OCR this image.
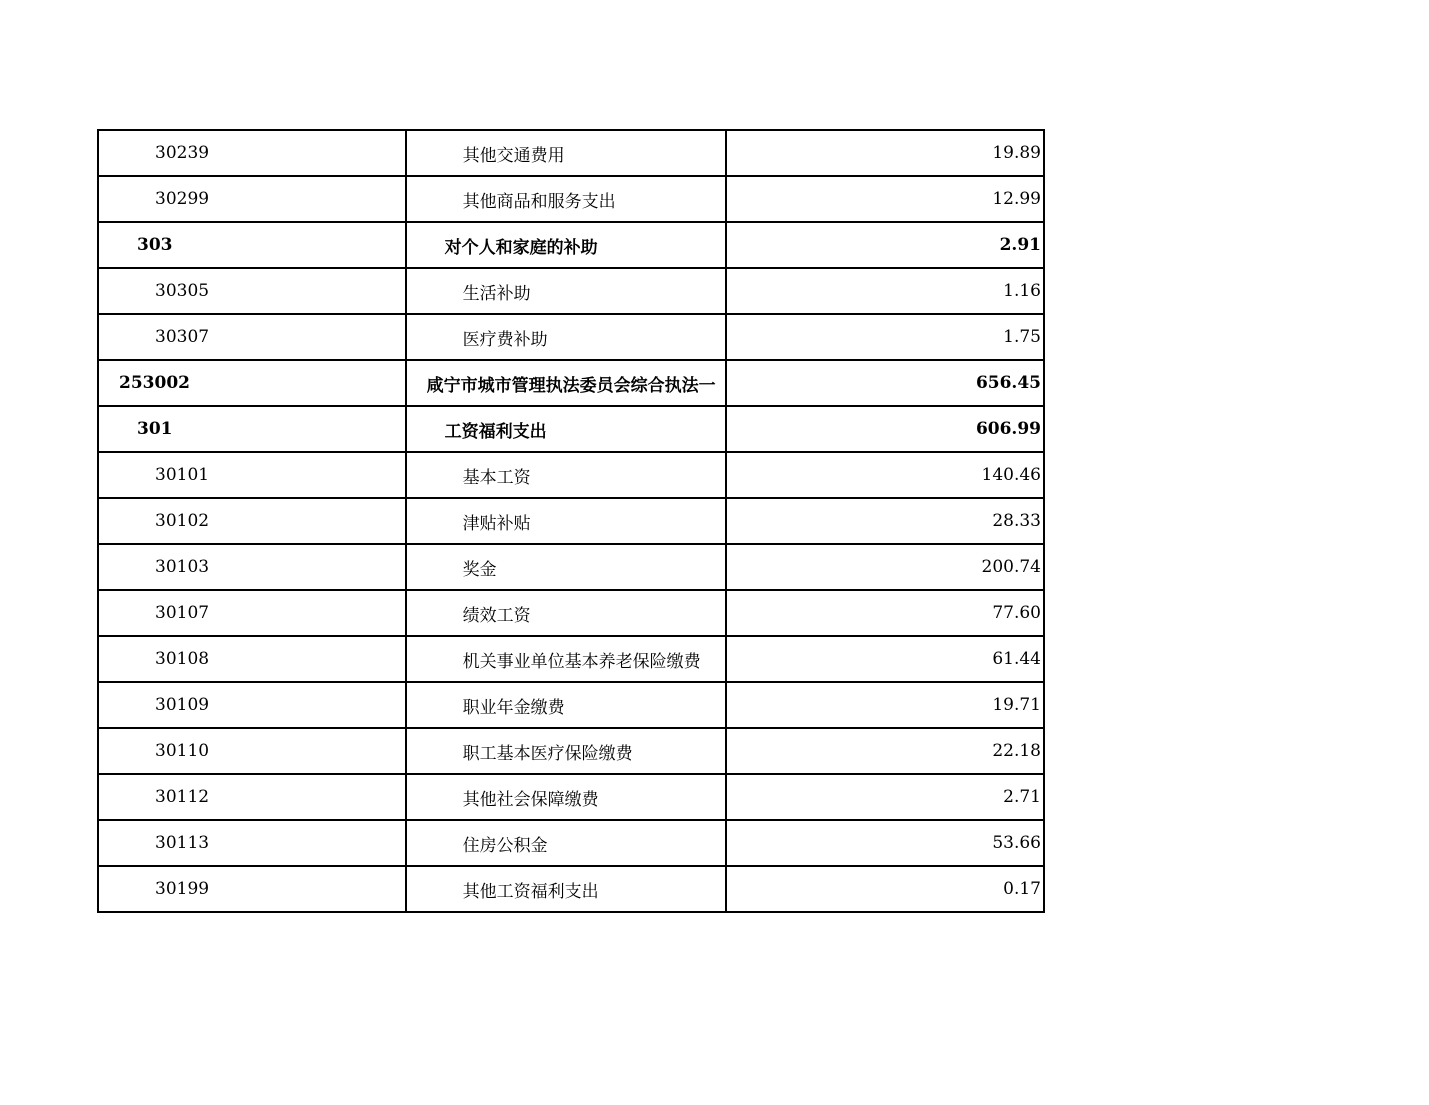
30239	其他交通费用	19.89
30299	其他商品和服务支出	12.99
303	对个人和家庭的补助	2.91
30305	生活补助	1.16
30307	医疗费补助	1.75
253002	咸宁市城市管理执法委员会综合执法一	656.45
301	工资福利支出	606.99
30101	基本工资	140.46
30102	津贴补贴	28.33
30103	奖金	200.74
30107	绩效工资	77.60
30108	机关事业单位基本养老保险缴费	61.44
30109	职业年金缴费	19.71
30110	职工基本医疗保险缴费	22.18
30112	其他社会保障缴费	2.71
30113	住房公积金	53.66
30199	其他工资福利支出	0.17
